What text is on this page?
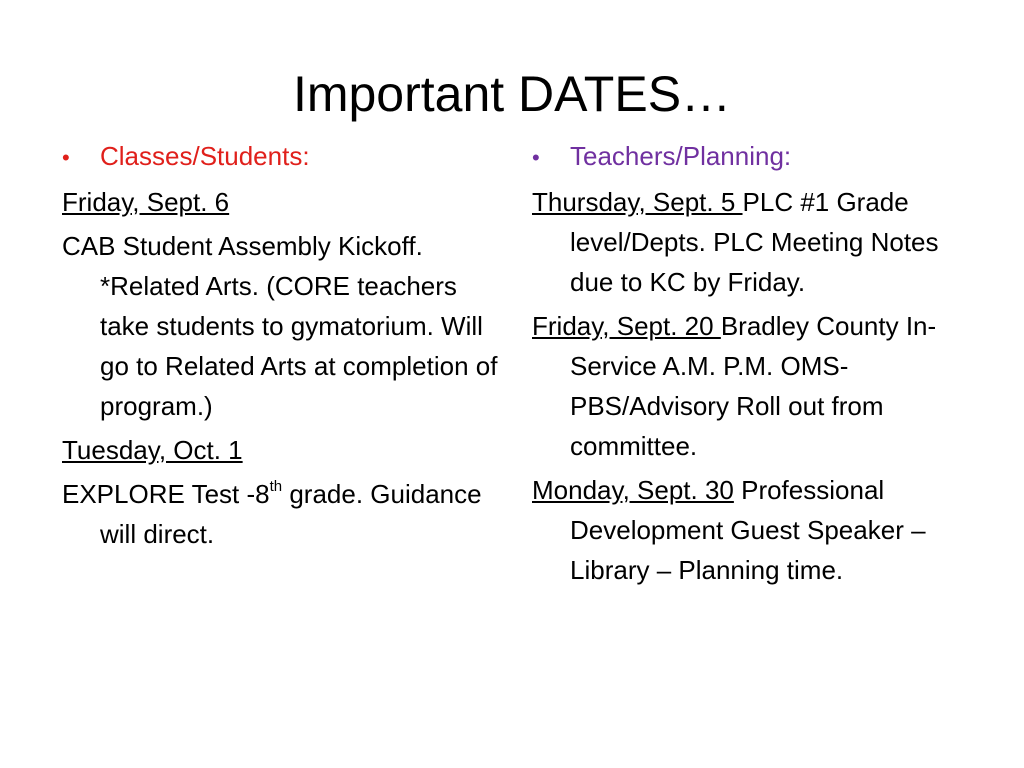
Important DATES…
•	Classes/Students:
Friday, Sept. 6
CAB Student Assembly Kickoff. *Related Arts. (CORE teachers take students to gymatorium. Will go to Related Arts at completion of program.)
Tuesday, Oct. 1
EXPLORE Test -8th grade. Guidance will direct.
•	Teachers/Planning:
Thursday, Sept. 5 PLC #1 Grade level/Depts. PLC Meeting Notes due to KC by Friday.
Friday, Sept. 20 Bradley County In-Service A.M. P.M. OMS- PBS/Advisory Roll out from committee.
Monday, Sept. 30 Professional Development Guest Speaker – Library – Planning time.
